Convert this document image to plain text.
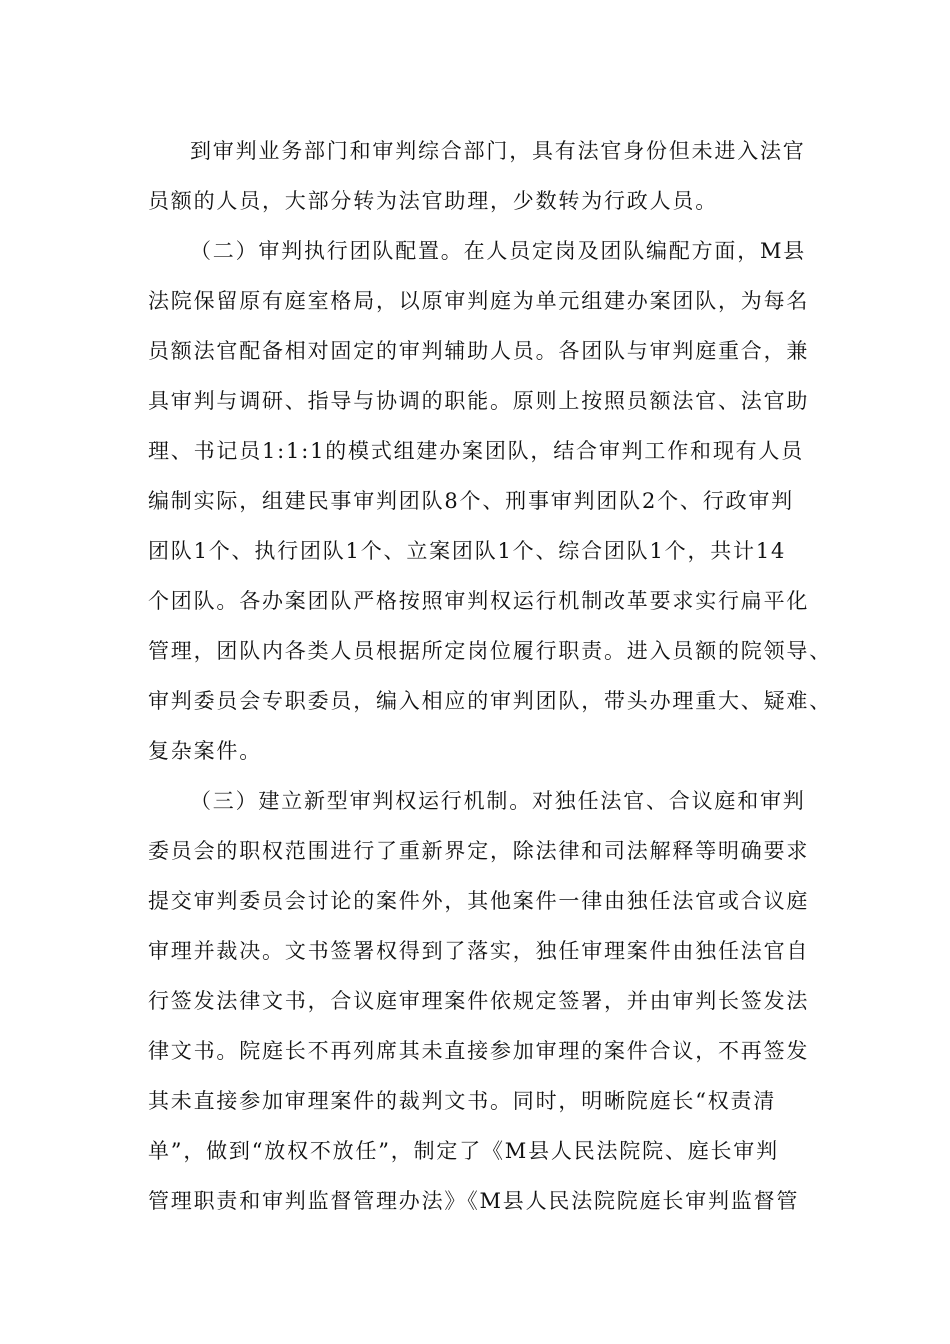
到审判业务部门和审判综合部门，具有法官身份但未进入法官
员额的人员，大部分转为法官助理，少数转为行政人员。
（二）审判执行团队配置。在人员定岗及团队编配方面，M县
法院保留原有庭室格局，以原审判庭为单元组建办案团队，为每名
员额法官配备相对固定的审判辅助人员。各团队与审判庭重合，兼
具审判与调研、指导与协调的职能。原则上按照员额法官、法官助
理、书记员1:1:1的模式组建办案团队，结合审判工作和现有人员
编制实际，组建民事审判团队8个、刑事审判团队2个、行政审判
团队1个、执行团队1个、立案团队1个、综合团队1个，共计14
个团队。各办案团队严格按照审判权运行机制改革要求实行扁平化
管理，团队内各类人员根据所定岗位履行职责。进入员额的院领导、
审判委员会专职委员，编入相应的审判团队，带头办理重大、疑难、
复杂案件。
（三）建立新型审判权运行机制。对独任法官、合议庭和审判
委员会的职权范围进行了重新界定，除法律和司法解释等明确要求
提交审判委员会讨论的案件外，其他案件一律由独任法官或合议庭
审理并裁决。文书签署权得到了落实，独任审理案件由独任法官自
行签发法律文书，合议庭审理案件依规定签署，并由审判长签发法
律文书。院庭长不再列席其未直接参加审理的案件合议，不再签发
其未直接参加审理案件的裁判文书。同时，明晰院庭长“权责清
单”，做到“放权不放任”，制定了《M县人民法院院、庭长审判
管理职责和审判监督管理办法》《M县人民法院院庭长审判监督管
